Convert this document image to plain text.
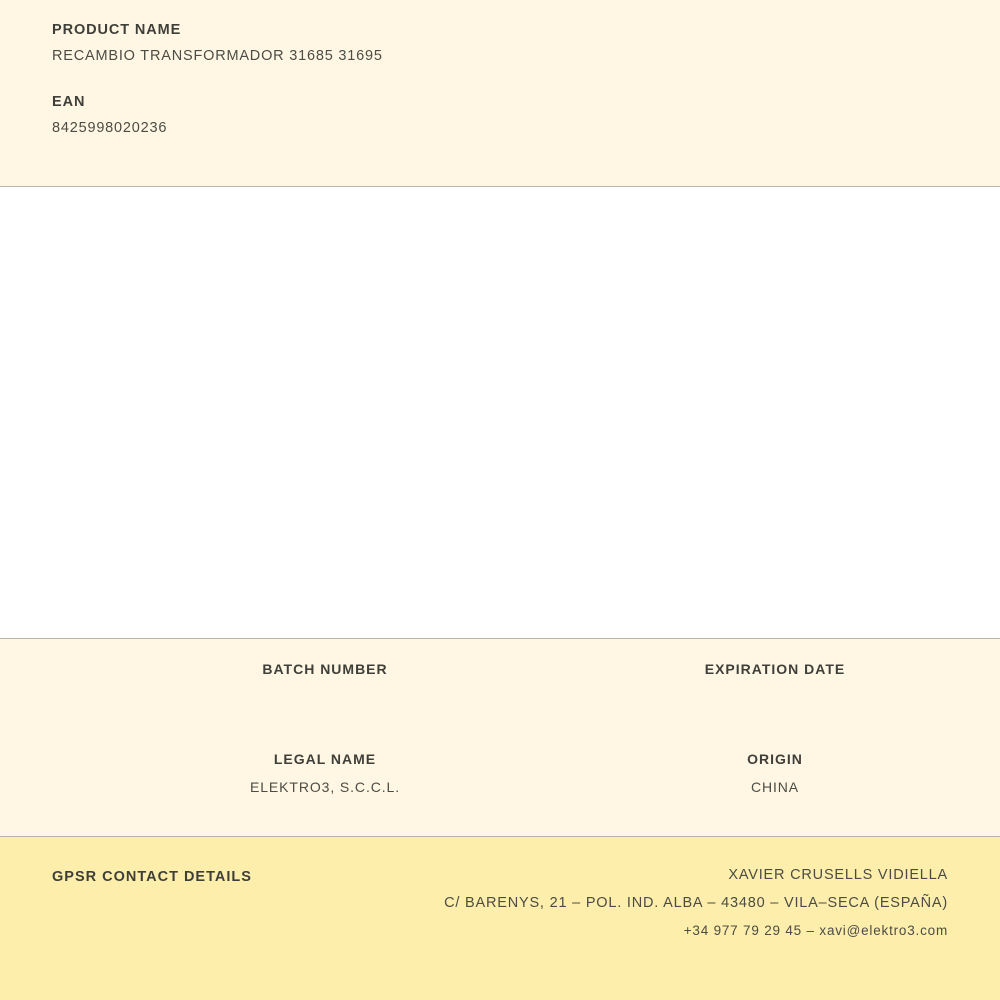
PRODUCT NAME

RECAMBIO TRANSFORMADOR 31685 31695

EAN

8425998020236

BATCH NUMBER	EXPIRATION DATE

LEGAL NAME

ELEKTRO3, S.C.C.L.

ORIGIN

CHINA

GPSR CONTACT DETAILS	XAVIER CRUSELLS VIDIELLA

C/ BARENYS, 21 – POL. IND. ALBA – 43480 – VILA–SECA (ESPAÑA)

+34 977 79 29 45 – xavi@elektro3.com
